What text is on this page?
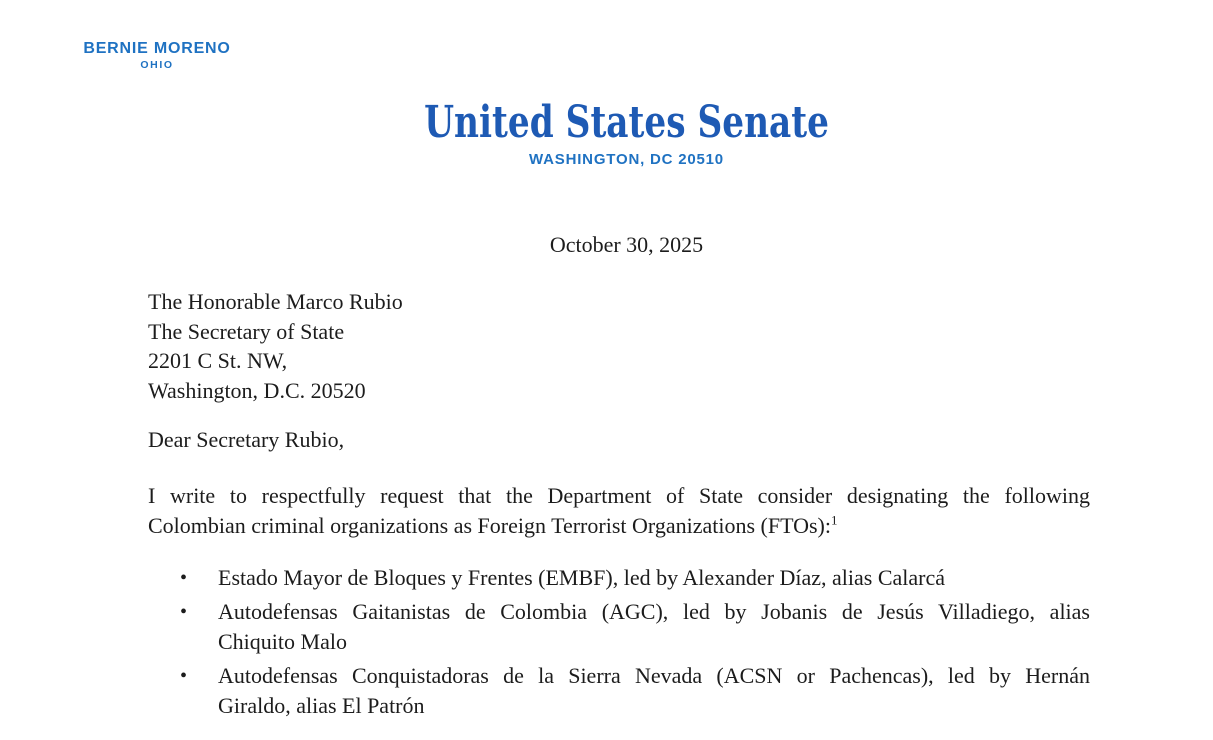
BERNIE MORENO
OHIO
United States Senate
WASHINGTON, DC 20510
October 30, 2025
The Honorable Marco Rubio
The Secretary of State
2201 C St. NW,
Washington, D.C. 20520
Dear Secretary Rubio,
I write to respectfully request that the Department of State consider designating the following
Colombian criminal organizations as Foreign Terrorist Organizations (FTOs):$^1$
•	Estado Mayor de Bloques y Frentes (EMBF), led by Alexander Díaz, alias Calarcá
•	Autodefensas Gaitanistas de Colombia (AGC), led by Jobanis de Jesús Villadiego, alias
Chiquito Malo
•	Autodefensas Conquistadoras de la Sierra Nevada (ACSN or Pachencas), led by Hernán
Giraldo, alias El Patrón
